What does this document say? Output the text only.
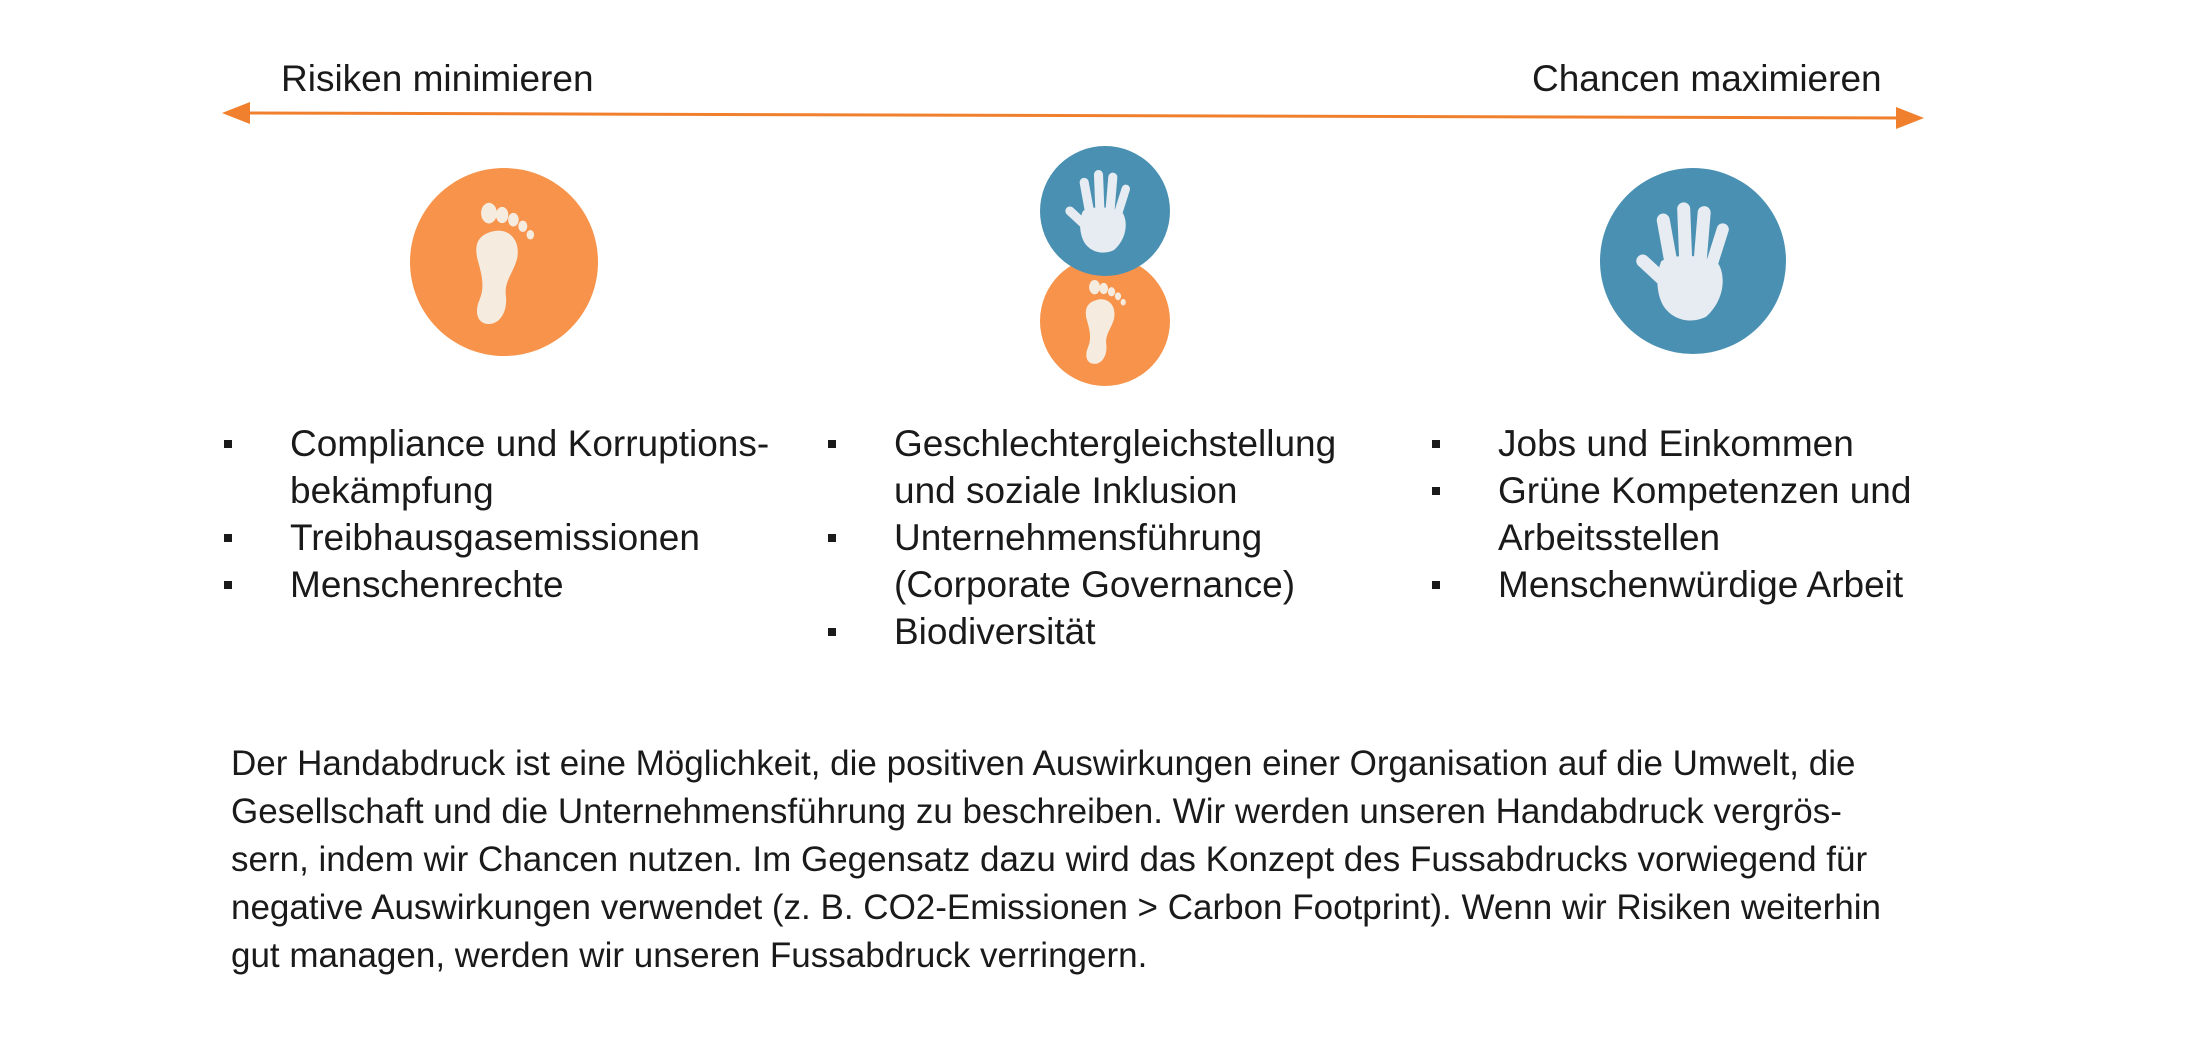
Risiken minimieren	Chancen maximieren
Compliance und Korruptions-
bekämpfung
Treibhausgasemissionen
Menschenrechte
Geschlechtergleichstellung
und soziale Inklusion
Unternehmensführung
(Corporate Governance)
Biodiversität
Jobs und Einkommen
Grüne Kompetenzen und
Arbeitsstellen
Menschenwürdige Arbeit

Der Handabdruck ist eine Möglichkeit, die positiven Auswirkungen einer Organisation auf die Umwelt, die

Gesellschaft und die Unternehmensführung zu beschreiben. Wir werden unseren Handabdruck vergrös-

sern, indem wir Chancen nutzen. Im Gegensatz dazu wird das Konzept des Fussabdrucks vorwiegend für

negative Auswirkungen verwendet (z. B. CO2-Emissionen > Carbon Footprint). Wenn wir Risiken weiterhin

gut managen, werden wir unseren Fussabdruck verringern.
